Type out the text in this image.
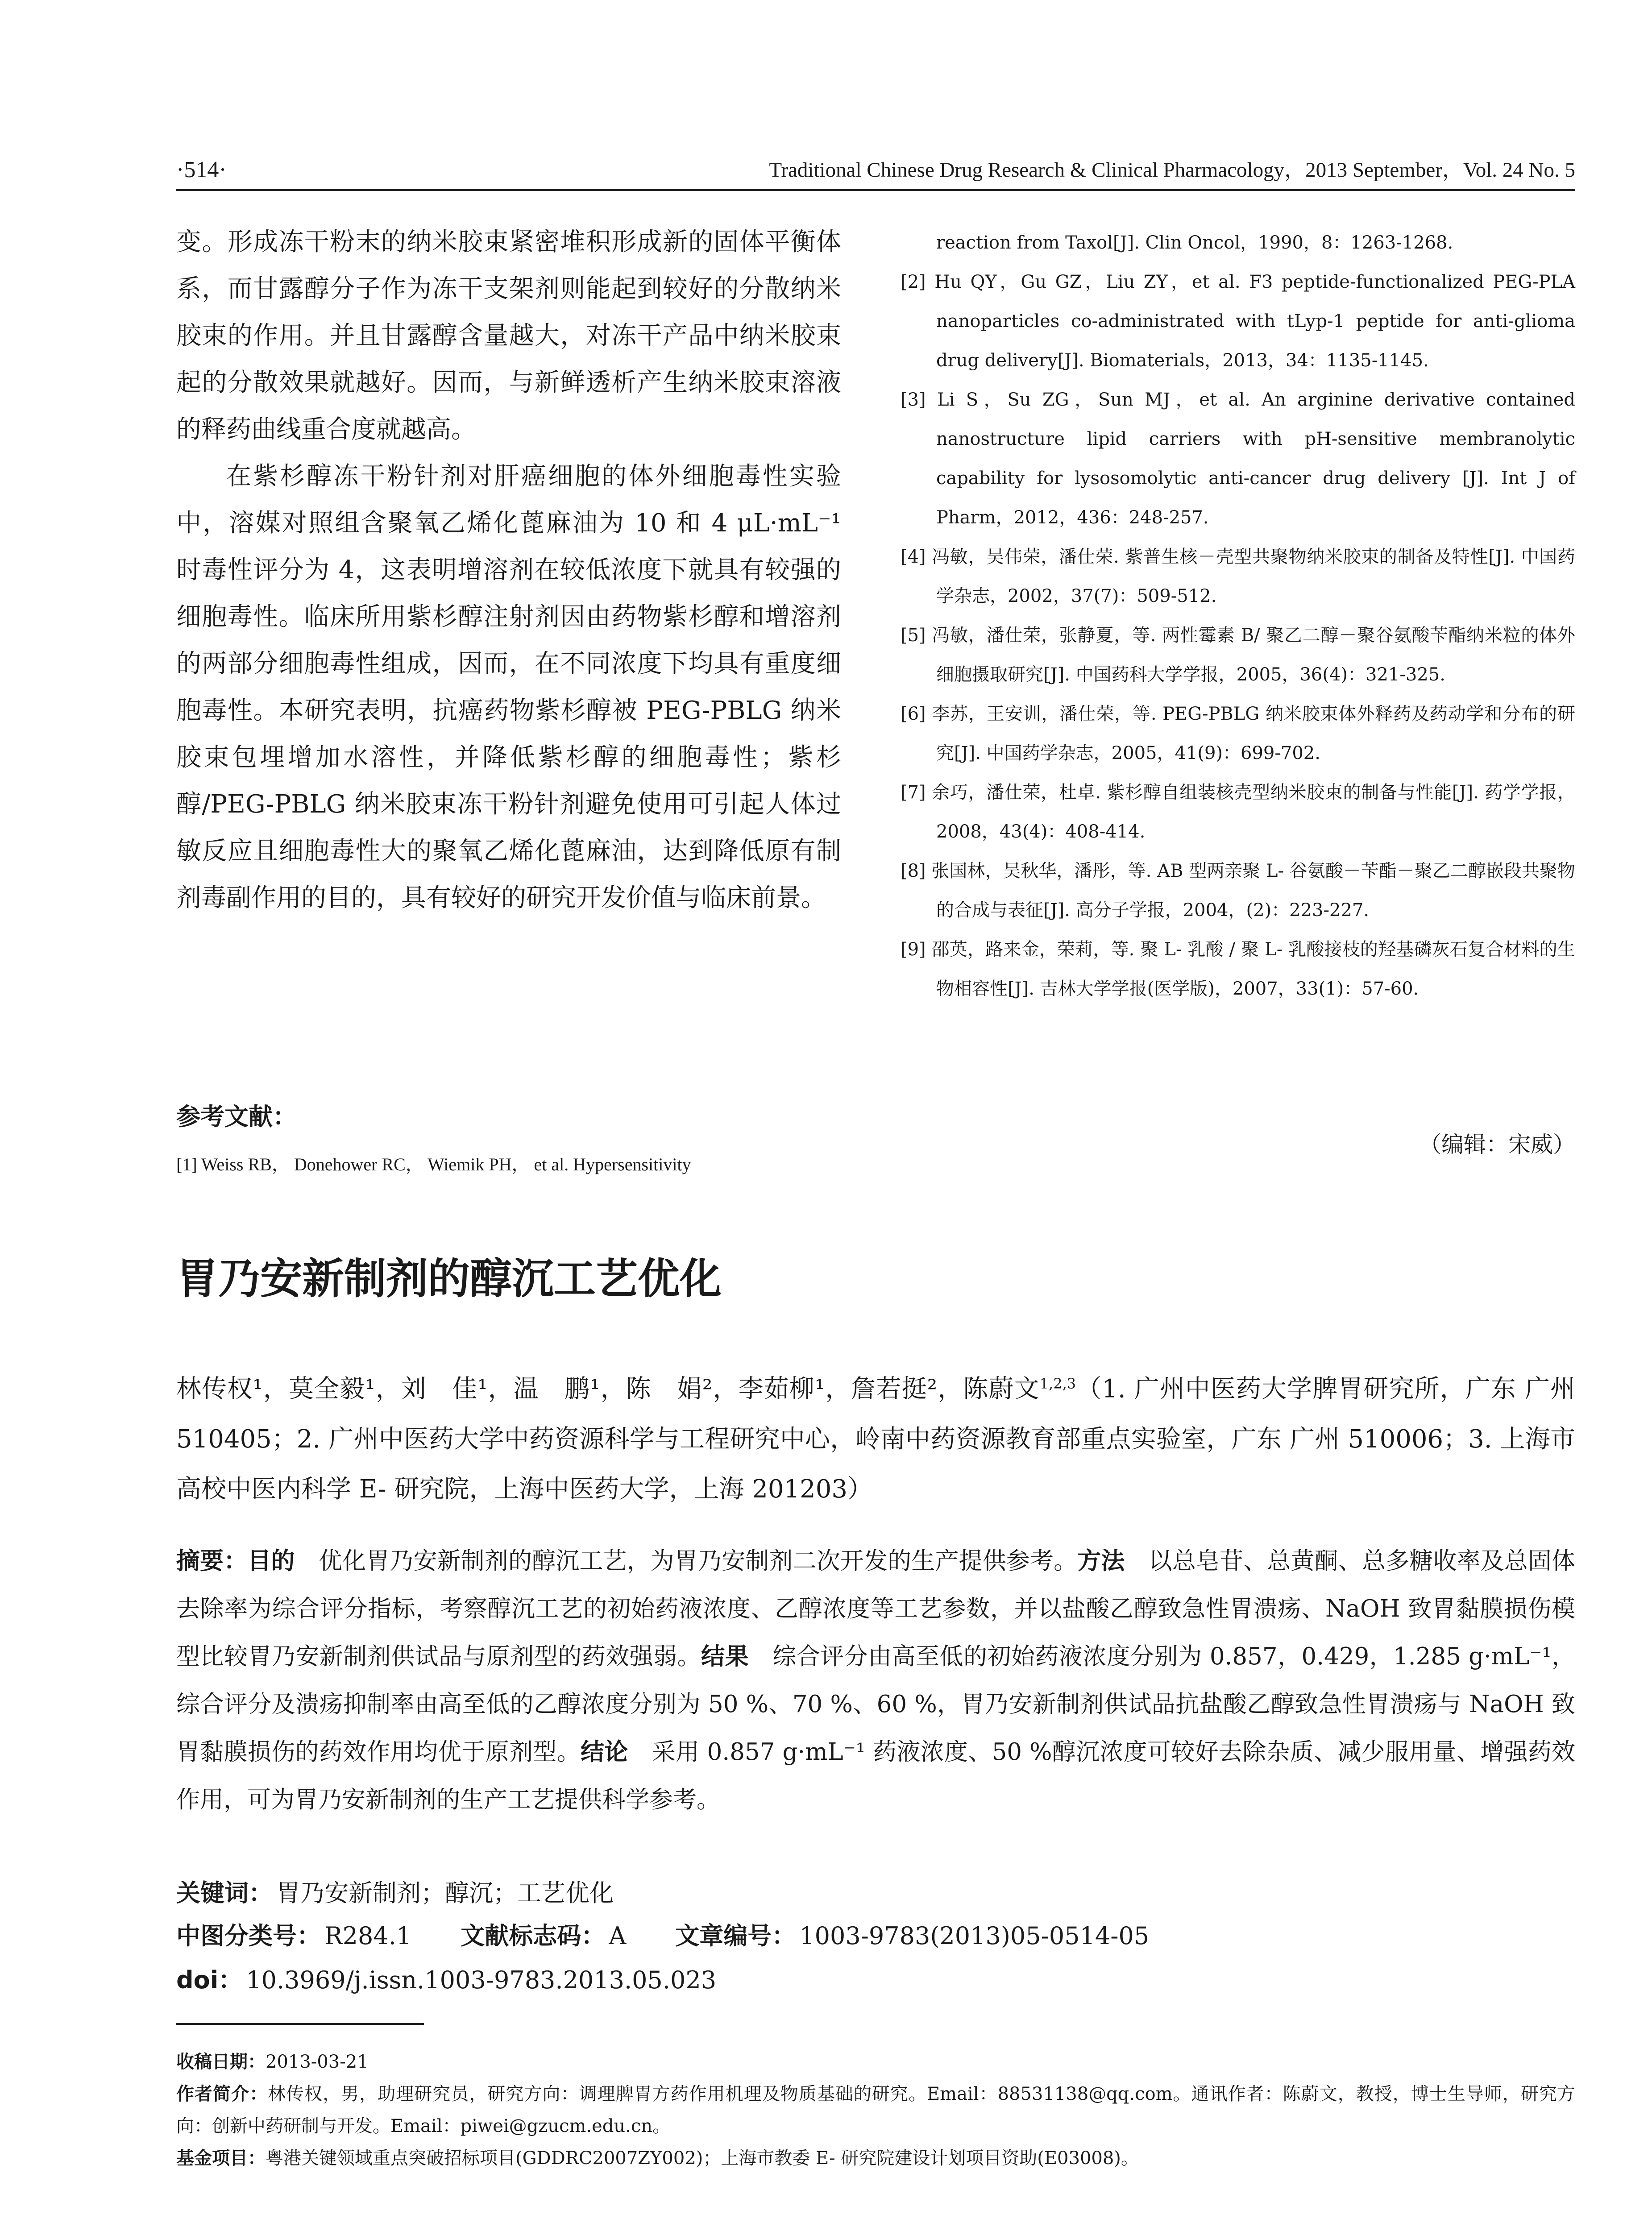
·514·	Traditional Chinese Drug Research & Clinical Pharmacology，2013 September，Vol. 24 No. 5

变。形成冻干粉末的纳米胶束紧密堆积形成新的固体平衡体系，而甘露醇分子作为冻干支架剂则能起到较好的分散纳米胶束的作用。并且甘露醇含量越大，对冻干产品中纳米胶束起的分散效果就越好。因而，与新鲜透析产生纳米胶束溶液的释药曲线重合度就越高。

在紫杉醇冻干粉针剂对肝癌细胞的体外细胞毒性实验中，溶媒对照组含聚氧乙烯化蓖麻油为 10 和 4 μL·mL⁻¹ 时毒性评分为 4，这表明增溶剂在较低浓度下就具有较强的细胞毒性。临床所用紫杉醇注射剂因由药物紫杉醇和增溶剂的两部分细胞毒性组成，因而，在不同浓度下均具有重度细胞毒性。本研究表明，抗癌药物紫杉醇被 PEG-PBLG 纳米胶束包埋增加水溶性，并降低紫杉醇的细胞毒性；紫杉醇/PEG-PBLG 纳米胶束冻干粉针剂避免使用可引起人体过敏反应且细胞毒性大的聚氧乙烯化蓖麻油，达到降低原有制剂毒副作用的目的，具有较好的研究开发价值与临床前景。

参考文献：
[1] Weiss RB， Donehower RC， Wiemik PH， et al. Hypersensitivity

reaction from Taxol[J]. Clin Oncol，1990，8：1263-1268.

[2] Hu QY，Gu GZ，Liu ZY，et al. F3 peptide-functionalized PEG-PLA nanoparticles co-administrated with tLyp-1 peptide for anti-glioma drug delivery[J]. Biomaterials，2013，34：1135-1145.

[3] Li S，Su ZG，Sun MJ，et al. An arginine derivative contained nanostructure lipid carriers with pH-sensitive membranolytic capability for lysosomolytic anti-cancer drug delivery [J]. Int J of Pharm，2012，436：248-257.

[4] 冯敏，吴伟荣，潘仕荣. 紫普生核－壳型共聚物纳米胶束的制备及特性[J]. 中国药学杂志，2002，37(7)：509-512.

[5] 冯敏，潘仕荣，张静夏，等. 两性霉素 B/ 聚乙二醇－聚谷氨酸苄酯纳米粒的体外细胞摄取研究[J]. 中国药科大学学报，2005，36(4)：321-325.

[6] 李苏，王安训，潘仕荣，等. PEG-PBLG 纳米胶束体外释药及药动学和分布的研究[J]. 中国药学杂志，2005，41(9)：699-702.

[7] 余巧，潘仕荣，杜卓. 紫杉醇自组装核壳型纳米胶束的制备与性能[J]. 药学学报，2008，43(4)：408-414.

[8] 张国林，吴秋华，潘彤，等. AB 型两亲聚 L- 谷氨酸－苄酯－聚乙二醇嵌段共聚物的合成与表征[J]. 高分子学报，2004，(2)：223-227.

[9] 邵英，路来金，荣莉，等. 聚 L- 乳酸 / 聚 L- 乳酸接枝的羟基磷灰石复合材料的生物相容性[J]. 吉林大学学报(医学版)，2007，33(1)：57-60.

（编辑：宋威）
胃乃安新制剂的醇沉工艺优化

林传权¹，莫全毅¹，刘　佳¹，温　鹏¹，陈　娟²，李茹柳¹，詹若挺²，陈蔚文$^{1,2,3}$（1. 广州中医药大学脾胃研究所，广东 广州 510405；2. 广州中医药大学中药资源科学与工程研究中心，岭南中药资源教育部重点实验室，广东 广州 510006；3. 上海市高校中医内科学 E- 研究院，上海中医药大学，上海 201203）

摘要：目的　优化胃乃安新制剂的醇沉工艺，为胃乃安制剂二次开发的生产提供参考。方法　以总皂苷、总黄酮、总多糖收率及总固体去除率为综合评分指标，考察醇沉工艺的初始药液浓度、乙醇浓度等工艺参数，并以盐酸乙醇致急性胃溃疡、NaOH 致胃黏膜损伤模型比较胃乃安新制剂供试品与原剂型的药效强弱。结果　综合评分由高至低的初始药液浓度分别为 0.857，0.429，1.285 g·mL⁻¹，综合评分及溃疡抑制率由高至低的乙醇浓度分别为 50 %、70 %、60 %，胃乃安新制剂供试品抗盐酸乙醇致急性胃溃疡与 NaOH 致胃黏膜损伤的药效作用均优于原剂型。结论　采用 0.857 g·mL⁻¹ 药液浓度、50 %醇沉浓度可较好去除杂质、减少服用量、增强药效作用，可为胃乃安新制剂的生产工艺提供科学参考。

关键词： 胃乃安新制剂；醇沉；工艺优化
中图分类号： R284.1 文献标志码： A 文章编号： 1003-9783(2013)05-0514-05
doi： 10.3969/j.issn.1003-9783.2013.05.023

收稿日期：2013-03-21

作者简介：林传权，男，助理研究员，研究方向：调理脾胃方药作用机理及物质基础的研究。Email：88531138@qq.com。通讯作者：陈蔚文，教授，博士生导师，研究方向：创新中药研制与开发。Email：piwei@gzucm.edu.cn。

基金项目：粤港关键领域重点突破招标项目(GDDRC2007ZY002)；上海市教委 E- 研究院建设计划项目资助(E03008)。
